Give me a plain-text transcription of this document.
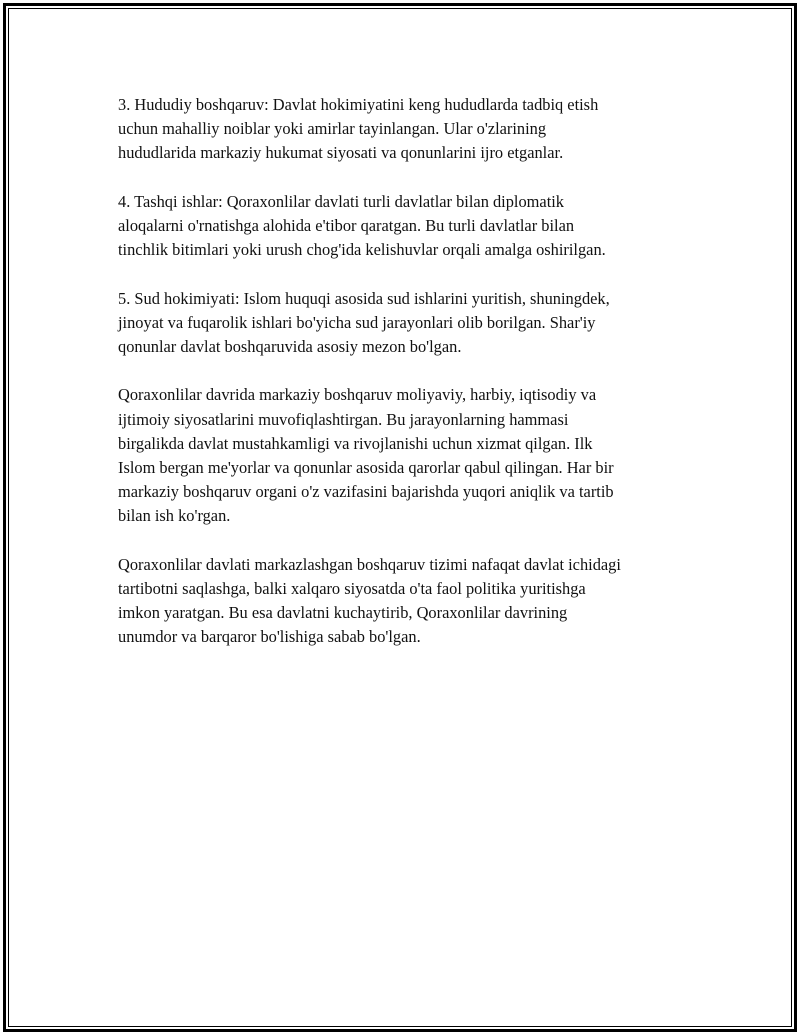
3. Hududiy boshqaruv: Davlat hokimiyatini keng hududlarda tadbiq etish
uchun mahalliy noiblar yoki amirlar tayinlangan. Ular o'zlarining
hududlarida markaziy hukumat siyosati va qonunlarini ijro etganlar.

4. Tashqi ishlar: Qoraxonlilar davlati turli davlatlar bilan diplomatik
aloqalarni o'rnatishga alohida e'tibor qaratgan. Bu turli davlatlar bilan
tinchlik bitimlari yoki urush chog'ida kelishuvlar orqali amalga oshirilgan.

5. Sud hokimiyati: Islom huquqi asosida sud ishlarini yuritish, shuningdek,
jinoyat va fuqarolik ishlari bo'yicha sud jarayonlari olib borilgan. Shar'iy
qonunlar davlat boshqaruvida asosiy mezon bo'lgan.

Qoraxonlilar davrida markaziy boshqaruv moliyaviy, harbiy, iqtisodiy va
ijtimoiy siyosatlarini muvofiqlashtirgan. Bu jarayonlarning hammasi
birgalikda davlat mustahkamligi va rivojlanishi uchun xizmat qilgan. Ilk
Islom bergan me'yorlar va qonunlar asosida qarorlar qabul qilingan. Har bir
markaziy boshqaruv organi o'z vazifasini bajarishda yuqori aniqlik va tartib
bilan ish ko'rgan.

Qoraxonlilar davlati markazlashgan boshqaruv tizimi nafaqat davlat ichidagi
tartibotni saqlashga, balki xalqaro siyosatda o'ta faol politika yuritishga
imkon yaratgan. Bu esa davlatni kuchaytirib, Qoraxonlilar davrining
unumdor va barqaror bo'lishiga sabab bo'lgan.
